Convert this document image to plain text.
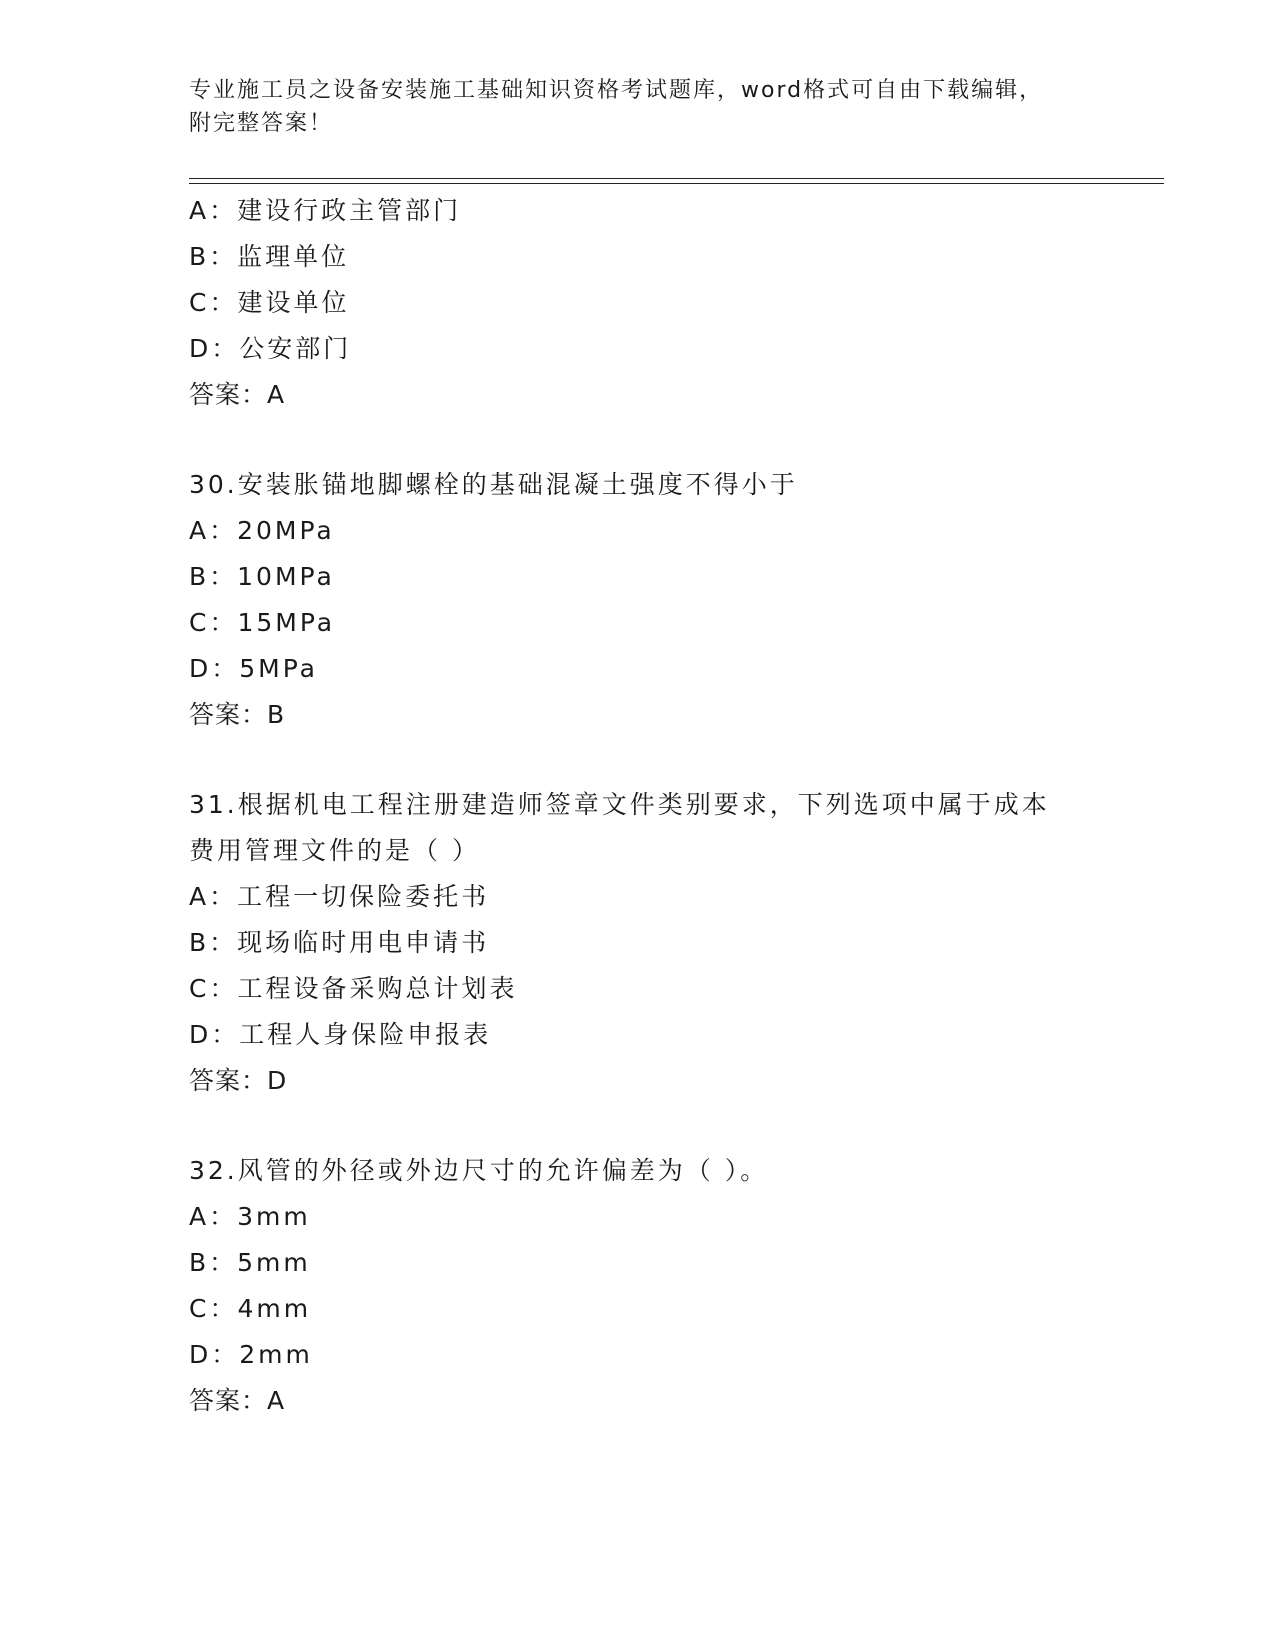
专业施工员之设备安装施工基础知识资格考试题库，word格式可自由下载编辑，
附完整答案！
A：建设行政主管部门
B：监理单位
C：建设单位
D：公安部门
答案：A
30.安装胀锚地脚螺栓的基础混凝土强度不得小于
A：20MPa
B：10MPa
C：15MPa
D：5MPa
答案：B
31.根据机电工程注册建造师签章文件类别要求，下列选项中属于成本
费用管理文件的是（ ）
A：工程一切保险委托书
B：现场临时用电申请书
C：工程设备采购总计划表
D：工程人身保险申报表
答案：D
32.风管的外径或外边尺寸的允许偏差为（ ）。
A：3mm
B：5mm
C：4mm
D：2mm
答案：A
